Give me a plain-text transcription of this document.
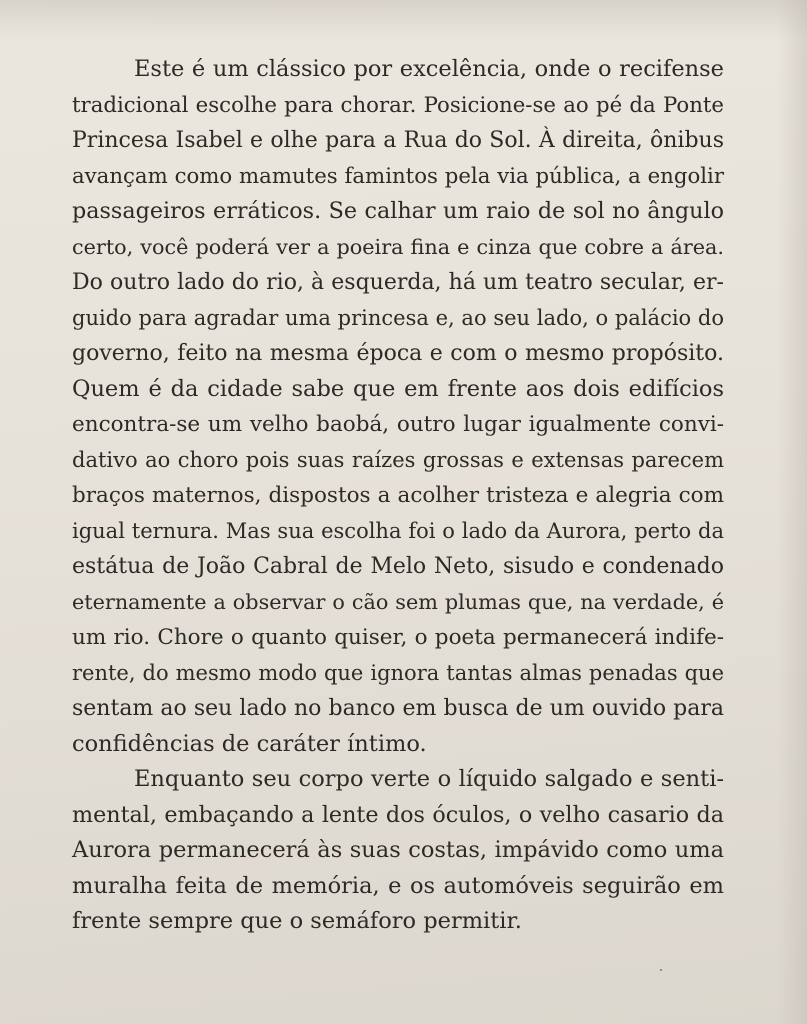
Este é um clássico por excelência, onde o recifense
tradicional escolhe para chorar. Posicione-se ao pé da Ponte
Princesa Isabel e olhe para a Rua do Sol. À direita, ônibus
avançam como mamutes famintos pela via pública, a engolir
passageiros erráticos. Se calhar um raio de sol no ângulo
certo, você poderá ver a poeira fina e cinza que cobre a área.
Do outro lado do rio, à esquerda, há um teatro secular, er-
guido para agradar uma princesa e, ao seu lado, o palácio do
governo, feito na mesma época e com o mesmo propósito.
Quem é da cidade sabe que em frente aos dois edifícios
encontra-se um velho baobá, outro lugar igualmente convi-
dativo ao choro pois suas raízes grossas e extensas parecem
braços maternos, dispostos a acolher tristeza e alegria com
igual ternura. Mas sua escolha foi o lado da Aurora, perto da
estátua de João Cabral de Melo Neto, sisudo e condenado
eternamente a observar o cão sem plumas que, na verdade, é
um rio. Chore o quanto quiser, o poeta permanecerá indife-
rente, do mesmo modo que ignora tantas almas penadas que
sentam ao seu lado no banco em busca de um ouvido para
confidências de caráter íntimo.

Enquanto seu corpo verte o líquido salgado e senti-
mental, embaçando a lente dos óculos, o velho casario da
Aurora permanecerá às suas costas, impávido como uma
muralha feita de memória, e os automóveis seguirão em
frente sempre que o semáforo permitir.
